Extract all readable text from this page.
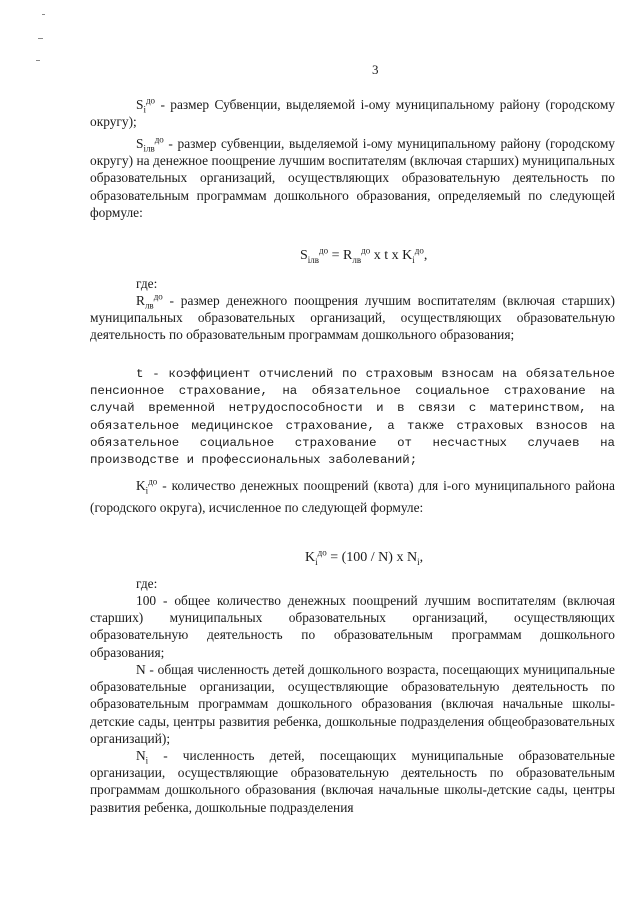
3
$S_i^{до}$ - размер Субвенции, выделяемой i-ому муниципальному району (городскому округу);
$S_{iлв}^{до}$ - размер субвенции, выделяемой i-ому муниципальному району (городскому округу) на денежное поощрение лучшим воспитателям (включая старших) муниципальных образовательных организаций, осуществляющих образовательную деятельность по образовательным программам дошкольного образования, определяемый по следующей формуле:
$S_{iлв}^{до} = R_{лв}^{до}$ x t x $K_i^{до}$,
где:
$R_{лв}^{до}$ - размер денежного поощрения лучшим воспитателям (включая старших) муниципальных образовательных организаций, осуществляющих образовательную деятельность по образовательным программам дошкольного образования;
t - коэффициент отчислений по страховым взносам на обязательное пенсионное страхование, на обязательное социальное страхование на случай временной нетрудоспособности и в связи с материнством, на обязательное медицинское страхование, а также страховых взносов на обязательное социальное страхование от несчастных случаев на производстве и профессиональных заболеваний;
$K_i^{до}$ - количество денежных поощрений (квота) для i-ого муниципального района (городского округа), исчисленное по следующей формуле:
$K_i^{до} = (100 / N)$ x $N_i$,
где:
100 - общее количество денежных поощрений лучшим воспитателям (включая старших) муниципальных образовательных организаций, осуществляющих образовательную деятельность по образовательным программам дошкольного образования;
N - общая численность детей дошкольного возраста, посещающих муниципальные образовательные организации, осуществляющие образовательную деятельность по образовательным программам дошкольного образования (включая начальные школы-детские сады, центры развития ребенка, дошкольные подразделения общеобразовательных организаций);
$N_i$ - численность детей, посещающих муниципальные образовательные организации, осуществляющие образовательную деятельность по образовательным программам дошкольного образования (включая начальные школы-детские сады, центры развития ребенка, дошкольные подразделения
